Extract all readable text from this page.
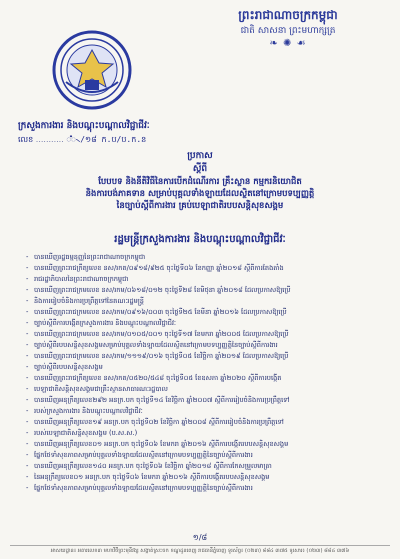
ព្រះរាជាណាចក្រកម្ពុជា
ជាតិ សាសនា ព្រះមហាក្សត្រ
❧ ✺ ☙
ក្រសួងការងារ និងបណ្តុះបណ្តាលវិជ្ជាជីវៈ
លេខ ........... ᯰᯱ᯲/១៨ ក.ប/ប.ក.ន
ប្រកាស
ស្តីពី
បែបបទ និងនីតិវិធីនៃការបើកដំណើរការ គ្រឹះស្ថាន កម្មករនិយោជិត
និងការបង់ភាគទាន សម្រាប់បុគ្គលទាំងឡាយដែលស្ថិតនៅក្រោមបទប្បញ្ញត្តិ
នៃច្បាប់ស្តីពីការងារ គ្រប់បេឡាជាតិរបបសន្តិសុខសង្គម
រដ្ឋមន្ត្រីក្រសួងការងារ និងបណ្តុះបណ្តាលវិជ្ជាជីវៈ
- បានឃើញរដ្ឋធម្មនុញ្ញនៃព្រះរាជាណាចក្រកម្ពុជា
- បានឃើញព្រះរាជក្រឹត្យលេខ នស/រកត/០៩១៨/៩២៥ ចុះថ្ងៃទី០៦ ខែកញ្ញា ឆ្នាំ២០១៨ ស្តីពីការតែងតាំង
- រាជរដ្ឋាភិបាលនៃព្រះរាជាណាចក្រកម្ពុជា
- បានឃើញព្រះរាជក្រមលេខ នស/រកម/០៦១៨/០១២ ចុះថ្ងៃទី២៨ ខែមិថុនា ឆ្នាំ២០១៨ ដែលប្រកាសឱ្យប្រើ
- និងការរៀបចំនិងការប្រព្រឹត្តទៅនៃគណៈរដ្ឋមន្ត្រី
- បានឃើញព្រះរាជក្រមលេខ នស/រកម/០៩១៦/០០៣ ចុះថ្ងៃទី២៥ ខែមីនា ឆ្នាំ២០១៦ ដែលប្រកាសឱ្យប្រើ
- ច្បាប់ស្តីពីការបង្កើតក្រសួងការងារ និងបណ្តុះបណ្តាលវិជ្ជាជីវៈ
- បានឃើញព្រះរាជក្រមលេខ នស/រកម/០១០៥/០០១ ចុះថ្ងៃទី១៧ ខែមករា ឆ្នាំ២០០៥ ដែលប្រកាសឱ្យប្រើ
- ច្បាប់ស្តីពីរបបសន្តិសុខសង្គមសម្រាប់បុគ្គលទាំងឡាយដែលស្ថិតនៅក្រោមបទប្បញ្ញត្តិនៃច្បាប់ស្តីពីការងារ
- បានឃើញព្រះរាជក្រមលេខ នស/រកម/១១១៩/០១៦ ចុះថ្ងៃទី០៥ ខែវិច្ឆិកា ឆ្នាំ២០១៩ ដែលប្រកាសឱ្យប្រើ
- ច្បាប់ស្តីពីរបបសន្តិសុខសង្គម
- បានឃើញព្រះរាជក្រឹត្យលេខ នស/រកត/០៥២០/៥៤៨ ចុះថ្ងៃទី០៥ ខែឧសភា ឆ្នាំ២០២០ ស្តីពីការបង្កើត
- បេឡាជាតិសន្តិសុខសង្គមជាគ្រឹះស្ថានសាធារណៈរដ្ឋបាល
- បានឃើញអនុក្រឹត្យលេខ២៩២ អនក្រ.បក ចុះថ្ងៃទី១៤ ខែវិច្ឆិកា ឆ្នាំ២០០៧ ស្តីពីការរៀបចំនិងការប្រព្រឹត្តទៅ
- របស់ក្រសួងការងារ និងបណ្តុះបណ្តាលវិជ្ជាជីវៈ
- បានឃើញអនុក្រឹត្យលេខ១៩ អនក្រ.បក ចុះថ្ងៃទី០២ ខែវិច្ឆិកា ឆ្នាំ២០០៨ ស្តីពីការរៀបចំនិងការប្រព្រឹត្តទៅ
- របស់បេឡាជាតិសន្តិសុខសង្គម (ប.ស.ស.)
- បានឃើញអនុក្រឹត្យលេខ០១ អនក្រ.បក ចុះថ្ងៃទី០៦ ខែមករា ឆ្នាំ២០១៦ ស្តីពីការបង្កើតរបបសន្តិសុខសង្គម
- ផ្នែកថែទាំសុខភាពសម្រាប់បុគ្គលទាំងឡាយដែលស្ថិតនៅក្រោមបទប្បញ្ញត្តិនៃច្បាប់ស្តីពីការងារ
- បានឃើញអនុក្រឹត្យលេខ១៤០ អនក្រ.បក ចុះថ្ងៃទី០៦ ខែវិច្ឆិកា ឆ្នាំ២០១៨ ស្តីពីការកែសម្រួលមាត្រា
- នៃអនុក្រឹត្យលេខ០១ អនក្រ.បក ចុះថ្ងៃទី០៦ ខែមករា ឆ្នាំ២០១៦ ស្តីពីការបង្កើតរបបសន្តិសុខសង្គម
- ផ្នែកថែទាំសុខភាពសម្រាប់បុគ្គលទាំងឡាយដែលស្ថិតនៅក្រោមបទប្បញ្ញត្តិនៃច្បាប់ស្តីពីការងារ
១/៨
អាសយដ្ឋាន៖ អគារលេខ៣ មហាវិថីព្រះមុនីវង្ស សង្កាត់ស្រះចក ខណ្ឌដូនពេញ រាជធានីភ្នំពេញ ទូរស័ព្ទ៖ (០២៣) ៨៨៤ ៣៧៥ ទូរសារ៖ (០២៣) ៨៨៤ ៣៧៦
